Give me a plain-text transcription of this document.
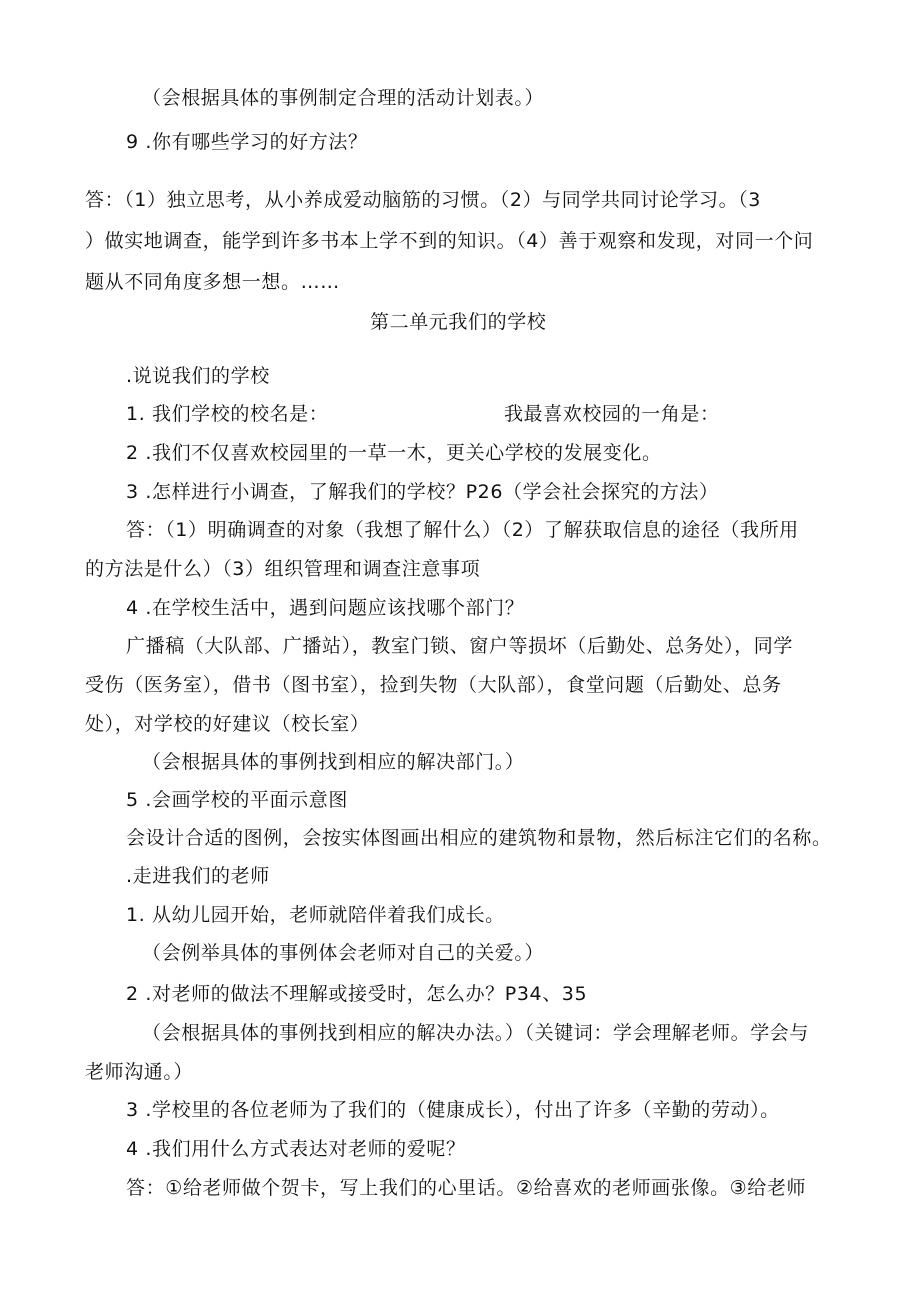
（会根据具体的事例制定合理的活动计划表。）

9 .你有哪些学习的好方法？

答：（1）独立思考，从小养成爱动脑筋的习惯。（2）与同学共同讨论学习。（3

）做实地调查，能学到许多书本上学不到的知识。（4）善于观察和发现，对同一个问

题从不同角度多想一想。……

第二单元我们的学校

.说说我们的学校

1. 我们学校的校名是：	我最喜欢校园的一角是：

2 .我们不仅喜欢校园里的一草一木，更关心学校的发展变化。

3 .怎样进行小调查，了解我们的学校？P26（学会社会探究的方法）

答：（1）明确调查的对象（我想了解什么）（2）了解获取信息的途径（我所用

的方法是什么）（3）组织管理和调查注意事项

4 .在学校生活中，遇到问题应该找哪个部门？

广播稿（大队部、广播站），教室门锁、窗户等损坏（后勤处、总务处），同学

受伤（医务室），借书（图书室），捡到失物（大队部），食堂问题（后勤处、总务

处），对学校的好建议（校长室）

（会根据具体的事例找到相应的解决部门。）

5 .会画学校的平面示意图

会设计合适的图例，会按实体图画出相应的建筑物和景物，然后标注它们的名称。

.走进我们的老师

1. 从幼儿园开始，老师就陪伴着我们成长。

（会例举具体的事例体会老师对自己的关爱。）

2 .对老师的做法不理解或接受时，怎么办？P34、35

（会根据具体的事例找到相应的解决办法。）（关键词：学会理解老师。学会与

老师沟通。）

3 .学校里的各位老师为了我们的（健康成长），付出了许多（辛勤的劳动）。

4 .我们用什么方式表达对老师的爱呢？

答：①给老师做个贺卡，写上我们的心里话。②给喜欢的老师画张像。③给老师
